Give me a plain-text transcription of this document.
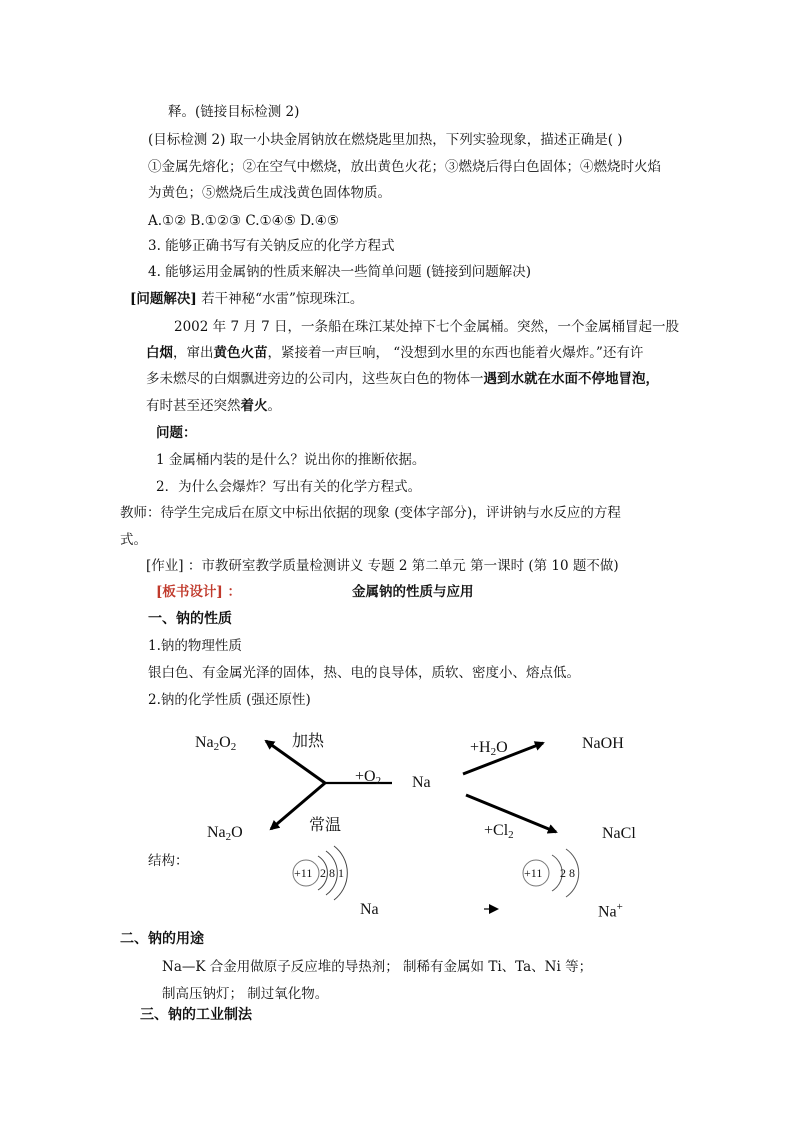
释。(链接目标检测 2)
(目标检测 2) 取一小块金屑钠放在燃烧匙里加热，下列实验现象，描述正确是( )
①金属先熔化；②在空气中燃烧，放出黄色火花；③燃烧后得白色固体；④燃烧时火焰
为黄色；⑤燃烧后生成浅黄色固体物质。
A.①② B.①②③ C.①④⑤ D.④⑤
3. 能够正确书写有关钠反应的化学方程式
4. 能够运用金属钠的性质来解决一些简单问题 (链接到问题解决)
[问题解决] 若干神秘“水雷”惊现珠江。
2002 年 7 月 7 日，一条船在珠江某处掉下七个金属桶。突然，一个金属桶冒起一股
白烟，窜出黄色火苗，紧接着一声巨响， “没想到水里的东西也能着火爆炸。”还有许
多未燃尽的白烟飘进旁边的公司内，这些灰白色的物体一遇到水就在水面不停地冒泡，
有时甚至还突然着火。
问题：
1 金属桶内装的是什么？说出你的推断依据。
2．为什么会爆炸？写出有关的化学方程式。
教师：待学生完成后在原文中标出依据的现象 (变体字部分)，评讲钠与水反应的方程
式。
[作业] ：市教研室教学质量检测讲义 专题 2 第二单元 第一课时 (第 10 题不做)
[板书设计] ：	金属钠的性质与应用
一、钠的性质
1.钠的物理性质
银白色、有金属光泽的固体，热、电的良导体，质软、密度小、熔点低。
2.钠的化学性质 (强还原性)
$Na_2O_2$	加热
$+O_2$ Na
常温
$Na_2O$
$+H_2O$	NaOH
$+Cl_2$	NaCl
结构：
+11 2 8 1	+11 2 8
Na	Na+
二、钠的用途
Na—K 合金用做原子反应堆的导热剂； 制稀有金属如 Ti、Ta、Ni 等；
制高压钠灯； 制过氧化物。
三、钠的工业制法
